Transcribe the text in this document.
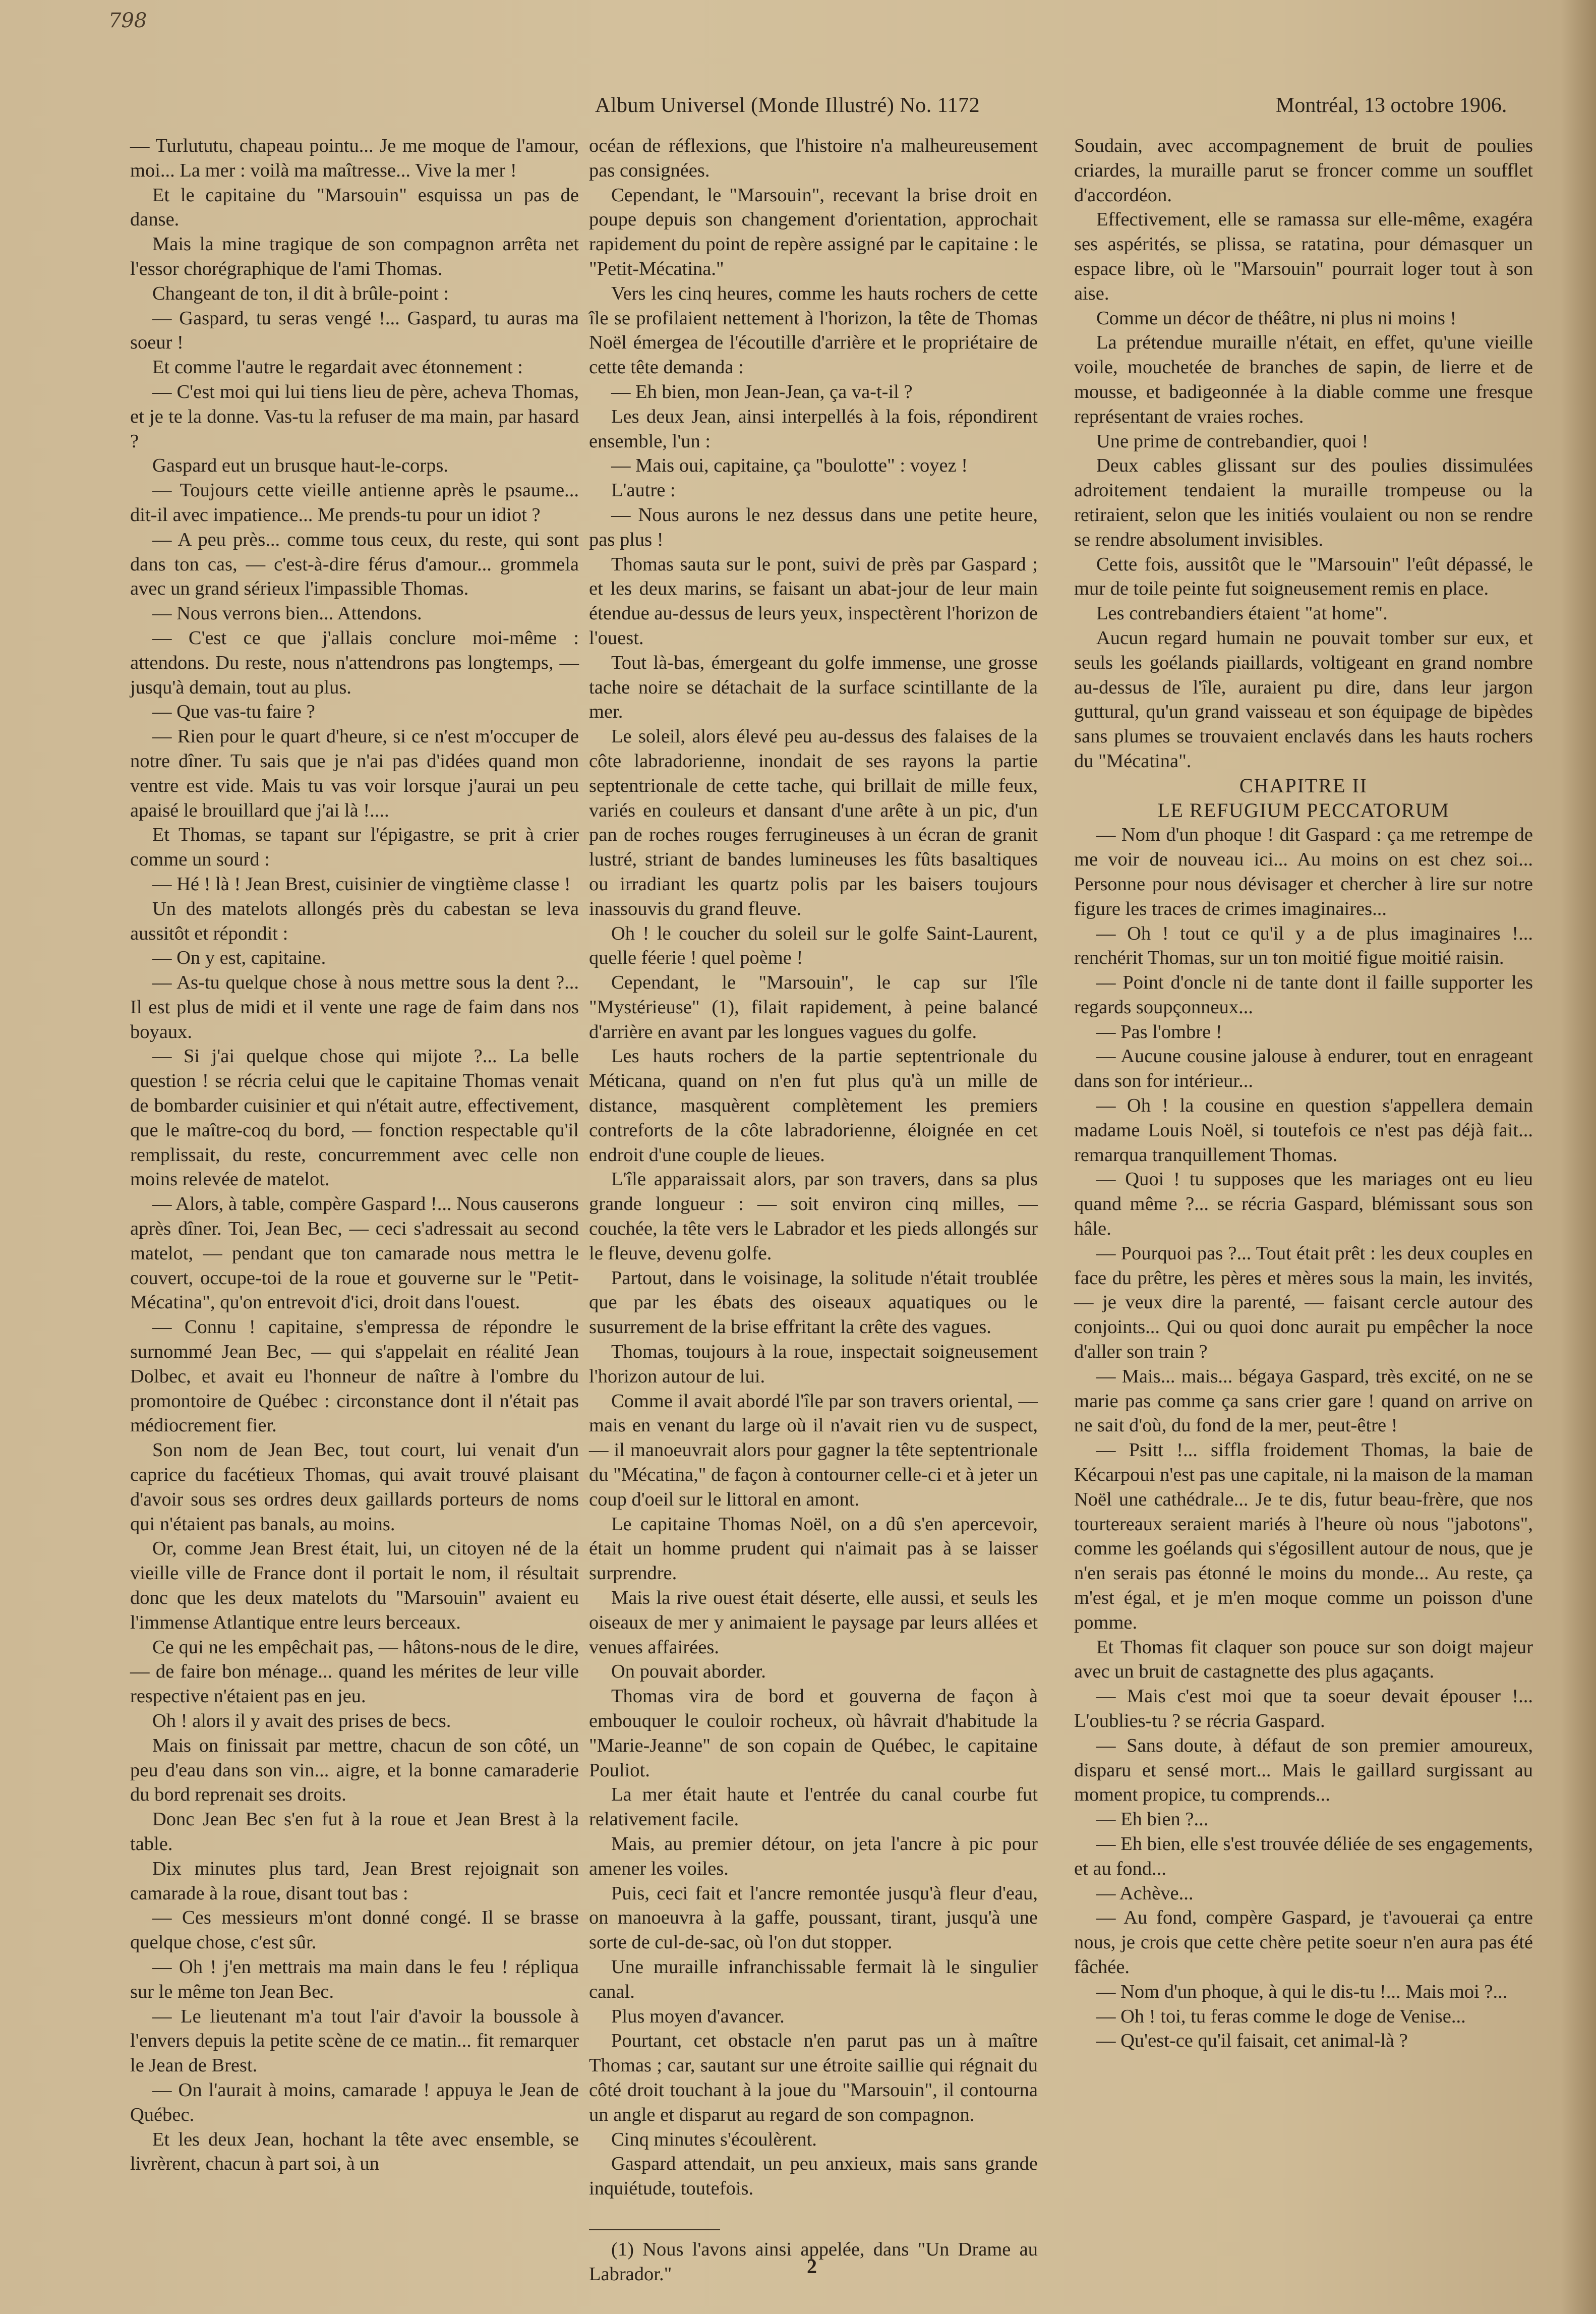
798
Album Universel (Monde Illustré) No. 1172	Montréal, 13 octobre 1906.

— Turlututu, chapeau pointu... Je me moque de l'amour, moi... La mer : voilà ma maîtresse... Vive la mer !

Et le capitaine du "Marsouin" esquissa un pas de danse.

Mais la mine tragique de son compagnon arrêta net l'essor chorégraphique de l'ami Thomas.

Changeant de ton, il dit à brûle-point :

— Gaspard, tu seras vengé !... Gaspard, tu auras ma soeur !

Et comme l'autre le regardait avec étonnement :

— C'est moi qui lui tiens lieu de père, acheva Thomas, et je te la donne. Vas-tu la refuser de ma main, par hasard ?

Gaspard eut un brusque haut-le-corps.

— Toujours cette vieille antienne après le psaume... dit-il avec impatience... Me prends-tu pour un idiot ?

— A peu près... comme tous ceux, du reste, qui sont dans ton cas, — c'est-à-dire férus d'amour... grommela avec un grand sérieux l'impassible Thomas.

— Nous verrons bien... Attendons.

— C'est ce que j'allais conclure moi-même : attendons. Du reste, nous n'attendrons pas longtemps, — jusqu'à demain, tout au plus.

— Que vas-tu faire ?

— Rien pour le quart d'heure, si ce n'est m'occuper de notre dîner. Tu sais que je n'ai pas d'idées quand mon ventre est vide. Mais tu vas voir lorsque j'aurai un peu apaisé le brouillard que j'ai là !....

Et Thomas, se tapant sur l'épigastre, se prit à crier comme un sourd :

— Hé ! là ! Jean Brest, cuisinier de vingtième classe !

Un des matelots allongés près du cabestan se leva aussitôt et répondit :

— On y est, capitaine.

— As-tu quelque chose à nous mettre sous la dent ?... Il est plus de midi et il vente une rage de faim dans nos boyaux.

— Si j'ai quelque chose qui mijote ?... La belle question ! se récria celui que le capitaine Thomas venait de bombarder cuisinier et qui n'était autre, effectivement, que le maître-coq du bord, — fonction respectable qu'il remplissait, du reste, concurremment avec celle non moins relevée de matelot.

— Alors, à table, compère Gaspard !... Nous causerons après dîner. Toi, Jean Bec, — ceci s'adressait au second matelot, — pendant que ton camarade nous mettra le couvert, occupe-toi de la roue et gouverne sur le "Petit-Mécatina", qu'on entrevoit d'ici, droit dans l'ouest.

— Connu ! capitaine, s'empressa de répondre le surnommé Jean Bec, — qui s'appelait en réalité Jean Dolbec, et avait eu l'honneur de naître à l'ombre du promontoire de Québec : circonstance dont il n'était pas médiocrement fier.

Son nom de Jean Bec, tout court, lui venait d'un caprice du facétieux Thomas, qui avait trouvé plaisant d'avoir sous ses ordres deux gaillards porteurs de noms qui n'étaient pas banals, au moins.

Or, comme Jean Brest était, lui, un citoyen né de la vieille ville de France dont il portait le nom, il résultait donc que les deux matelots du "Marsouin" avaient eu l'immense Atlantique entre leurs berceaux.

Ce qui ne les empêchait pas, — hâtons-nous de le dire, — de faire bon ménage... quand les mérites de leur ville respective n'étaient pas en jeu.

Oh ! alors il y avait des prises de becs.

Mais on finissait par mettre, chacun de son côté, un peu d'eau dans son vin... aigre, et la bonne camaraderie du bord reprenait ses droits.

Donc Jean Bec s'en fut à la roue et Jean Brest à la table.

Dix minutes plus tard, Jean Brest rejoignait son camarade à la roue, disant tout bas :

— Ces messieurs m'ont donné congé. Il se brasse quelque chose, c'est sûr.

— Oh ! j'en mettrais ma main dans le feu ! répliqua sur le même ton Jean Bec.

— Le lieutenant m'a tout l'air d'avoir la boussole à l'envers depuis la petite scène de ce matin... fit remarquer le Jean de Brest.

— On l'aurait à moins, camarade ! appuya le Jean de Québec.

Et les deux Jean, hochant la tête avec ensemble, se livrèrent, chacun à part soi, à un

océan de réflexions, que l'histoire n'a malheureusement pas consignées.

Cependant, le "Marsouin", recevant la brise droit en poupe depuis son changement d'orientation, approchait rapidement du point de repère assigné par le capitaine : le "Petit-Mécatina."

Vers les cinq heures, comme les hauts rochers de cette île se profilaient nettement à l'horizon, la tête de Thomas Noël émergea de l'écoutille d'arrière et le propriétaire de cette tête demanda :

— Eh bien, mon Jean-Jean, ça va-t-il ?

Les deux Jean, ainsi interpellés à la fois, répondirent ensemble, l'un :

— Mais oui, capitaine, ça "boulotte" : voyez !

L'autre :

— Nous aurons le nez dessus dans une petite heure, pas plus !

Thomas sauta sur le pont, suivi de près par Gaspard ; et les deux marins, se faisant un abat-jour de leur main étendue au-dessus de leurs yeux, inspectèrent l'horizon de l'ouest.

Tout là-bas, émergeant du golfe immense, une grosse tache noire se détachait de la surface scintillante de la mer.

Le soleil, alors élevé peu au-dessus des falaises de la côte labradorienne, inondait de ses rayons la partie septentrionale de cette tache, qui brillait de mille feux, variés en couleurs et dansant d'une arête à un pic, d'un pan de roches rouges ferrugineuses à un écran de granit lustré, striant de bandes lumineuses les fûts basaltiques ou irradiant les quartz polis par les baisers toujours inassouvis du grand fleuve.

Oh ! le coucher du soleil sur le golfe Saint-Laurent, quelle féerie ! quel poème !

Cependant, le "Marsouin", le cap sur l'île "Mystérieuse" (1), filait rapidement, à peine balancé d'arrière en avant par les longues vagues du golfe.

Les hauts rochers de la partie septentrionale du Méticana, quand on n'en fut plus qu'à un mille de distance, masquèrent complètement les premiers contreforts de la côte labradorienne, éloignée en cet endroit d'une couple de lieues.

L'île apparaissait alors, par son travers, dans sa plus grande longueur : — soit environ cinq milles, — couchée, la tête vers le Labrador et les pieds allongés sur le fleuve, devenu golfe.

Partout, dans le voisinage, la solitude n'était troublée que par les ébats des oiseaux aquatiques ou le susurrement de la brise effritant la crête des vagues.

Thomas, toujours à la roue, inspectait soigneusement l'horizon autour de lui.

Comme il avait abordé l'île par son travers oriental, — mais en venant du large où il n'avait rien vu de suspect, — il manoeuvrait alors pour gagner la tête septentrionale du "Mécatina," de façon à contourner celle-ci et à jeter un coup d'oeil sur le littoral en amont.

Le capitaine Thomas Noël, on a dû s'en apercevoir, était un homme prudent qui n'aimait pas à se laisser surprendre.

Mais la rive ouest était déserte, elle aussi, et seuls les oiseaux de mer y animaient le paysage par leurs allées et venues affairées.

On pouvait aborder.

Thomas vira de bord et gouverna de façon à embouquer le couloir rocheux, où hâvrait d'habitude la "Marie-Jeanne" de son copain de Québec, le capitaine Pouliot.

La mer était haute et l'entrée du canal courbe fut relativement facile.

Mais, au premier détour, on jeta l'ancre à pic pour amener les voiles.

Puis, ceci fait et l'ancre remontée jusqu'à fleur d'eau, on manoeuvra à la gaffe, poussant, tirant, jusqu'à une sorte de cul-de-sac, où l'on dut stopper.

Une muraille infranchissable fermait là le singulier canal.

Plus moyen d'avancer.

Pourtant, cet obstacle n'en parut pas un à maître Thomas ; car, sautant sur une étroite saillie qui régnait du côté droit touchant à la joue du "Marsouin", il contourna un angle et disparut au regard de son compagnon.

Cinq minutes s'écoulèrent.

Gaspard attendait, un peu anxieux, mais sans grande inquiétude, toutefois.

(1) Nous l'avons ainsi appelée, dans "Un Drame au Labrador."

Soudain, avec accompagnement de bruit de poulies criardes, la muraille parut se froncer comme un soufflet d'accordéon.

Effectivement, elle se ramassa sur elle-même, exagéra ses aspérités, se plissa, se ratatina, pour démasquer un espace libre, où le "Marsouin" pourrait loger tout à son aise.

Comme un décor de théâtre, ni plus ni moins !

La prétendue muraille n'était, en effet, qu'une vieille voile, mouchetée de branches de sapin, de lierre et de mousse, et badigeonnée à la diable comme une fresque représentant de vraies roches.

Une prime de contrebandier, quoi !

Deux cables glissant sur des poulies dissimulées adroitement tendaient la muraille trompeuse ou la retiraient, selon que les initiés voulaient ou non se rendre se rendre absolument invisibles.

Cette fois, aussitôt que le "Marsouin" l'eût dépassé, le mur de toile peinte fut soigneusement remis en place.

Les contrebandiers étaient "at home".

Aucun regard humain ne pouvait tomber sur eux, et seuls les goélands piaillards, voltigeant en grand nombre au-dessus de l'île, auraient pu dire, dans leur jargon guttural, qu'un grand vaisseau et son équipage de bipèdes sans plumes se trouvaient enclavés dans les hauts rochers du "Mécatina".

CHAPITRE II

LE REFUGIUM PECCATORUM

— Nom d'un phoque ! dit Gaspard : ça me retrempe de me voir de nouveau ici... Au moins on est chez soi... Personne pour nous dévisager et chercher à lire sur notre figure les traces de crimes imaginaires...

— Oh ! tout ce qu'il y a de plus imaginaires !... renchérit Thomas, sur un ton moitié figue moitié raisin.

— Point d'oncle ni de tante dont il faille supporter les regards soupçonneux...

— Pas l'ombre !

— Aucune cousine jalouse à endurer, tout en enrageant dans son for intérieur...

— Oh ! la cousine en question s'appellera demain madame Louis Noël, si toutefois ce n'est pas déjà fait... remarqua tranquillement Thomas.

— Quoi ! tu supposes que les mariages ont eu lieu quand même ?... se récria Gaspard, blémissant sous son hâle.

— Pourquoi pas ?... Tout était prêt : les deux couples en face du prêtre, les pères et mères sous la main, les invités, — je veux dire la parenté, — faisant cercle autour des conjoints... Qui ou quoi donc aurait pu empêcher la noce d'aller son train ?

— Mais... mais... bégaya Gaspard, très excité, on ne se marie pas comme ça sans crier gare ! quand on arrive on ne sait d'où, du fond de la mer, peut-être !

— Psitt !... siffla froidement Thomas, la baie de Kécarpoui n'est pas une capitale, ni la maison de la maman Noël une cathédrale... Je te dis, futur beau-frère, que nos tourtereaux seraient mariés à l'heure où nous "jabotons", comme les goélands qui s'égosillent autour de nous, que je n'en serais pas étonné le moins du monde... Au reste, ça m'est égal, et je m'en moque comme un poisson d'une pomme.

Et Thomas fit claquer son pouce sur son doigt majeur avec un bruit de castagnette des plus agaçants.

— Mais c'est moi que ta soeur devait épouser !... L'oublies-tu ? se récria Gaspard.

— Sans doute, à défaut de son premier amoureux, disparu et sensé mort... Mais le gaillard surgissant au moment propice, tu comprends...

— Eh bien ?...

— Eh bien, elle s'est trouvée déliée de ses engagements, et au fond...

— Achève...

— Au fond, compère Gaspard, je t'avouerai ça entre nous, je crois que cette chère petite soeur n'en aura pas été fâchée.

— Nom d'un phoque, à qui le dis-tu !... Mais moi ?...

— Oh ! toi, tu feras comme le doge de Venise...

— Qu'est-ce qu'il faisait, cet animal-là ?

2
